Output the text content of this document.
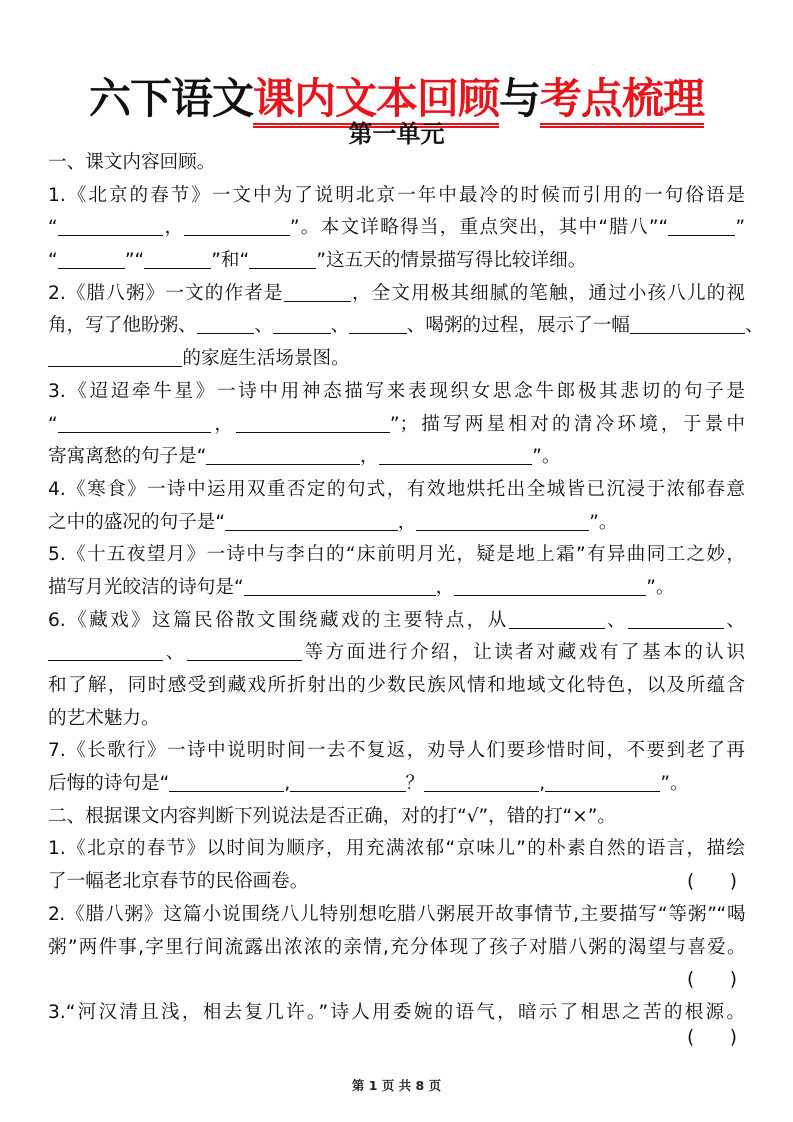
六下语文课内文本回顾与考点梳理
第一单元
一、课文内容回顾。
1.《北京的春节》一文中为了说明北京一年中最冷的时候而引用的一句俗语是
“	，	”。本文详略得当，重点突出，其中“腊八”“	”
“	”“	”和“	”这五天的情景描写得比较详细。
2.《腊八粥》一文的作者是	，全文用极其细腻的笔触，通过小孩八儿的视
角，写了他盼粥、	、	、	、喝粥的过程，展示了一幅	、
的家庭生活场景图。
3.《迢迢牵牛星》一诗中用神态描写来表现织女思念牛郎极其悲切的句子是
“	，	”；描写两星相对的清冷环境，于景中
寄寓离愁的句子是“	，	”。
4.《寒食》一诗中运用双重否定的句式，有效地烘托出全城皆已沉浸于浓郁春意
之中的盛况的句子是“	，	”。
5.《十五夜望月》一诗中与李白的“床前明月光，疑是地上霜”有异曲同工之妙，
描写月光皎洁的诗句是“	，	”。
6.《藏戏》这篇民俗散文围绕藏戏的主要特点，从	、	、
、	等方面进行介绍，让读者对藏戏有了基本的认识
和了解，同时感受到藏戏所折射出的少数民族风情和地域文化特色，以及所蕴含
的艺术魅力。
7.《长歌行》一诗中说明时间一去不复返，劝导人们要珍惜时间，不要到老了再
后悔的诗句是“	,	？	,	”。
二、根据课文内容判断下列说法是否正确，对的打“√”，错的打“×”。
1.《北京的春节》以时间为顺序，用充满浓郁“京味儿”的朴素自然的语言，描绘
了一幅老北京春节的民俗画卷。	(      )
2.《腊八粥》这篇小说围绕八儿特别想吃腊八粥展开故事情节,主要描写“等粥”“喝
粥”两件事,字里行间流露出浓浓的亲情,充分体现了孩子对腊八粥的渴望与喜爱。
(      )
3.“河汉清且浅，相去复几许。”诗人用委婉的语气，暗示了相思之苦的根源。
(      )
第 1 页 共 8 页
